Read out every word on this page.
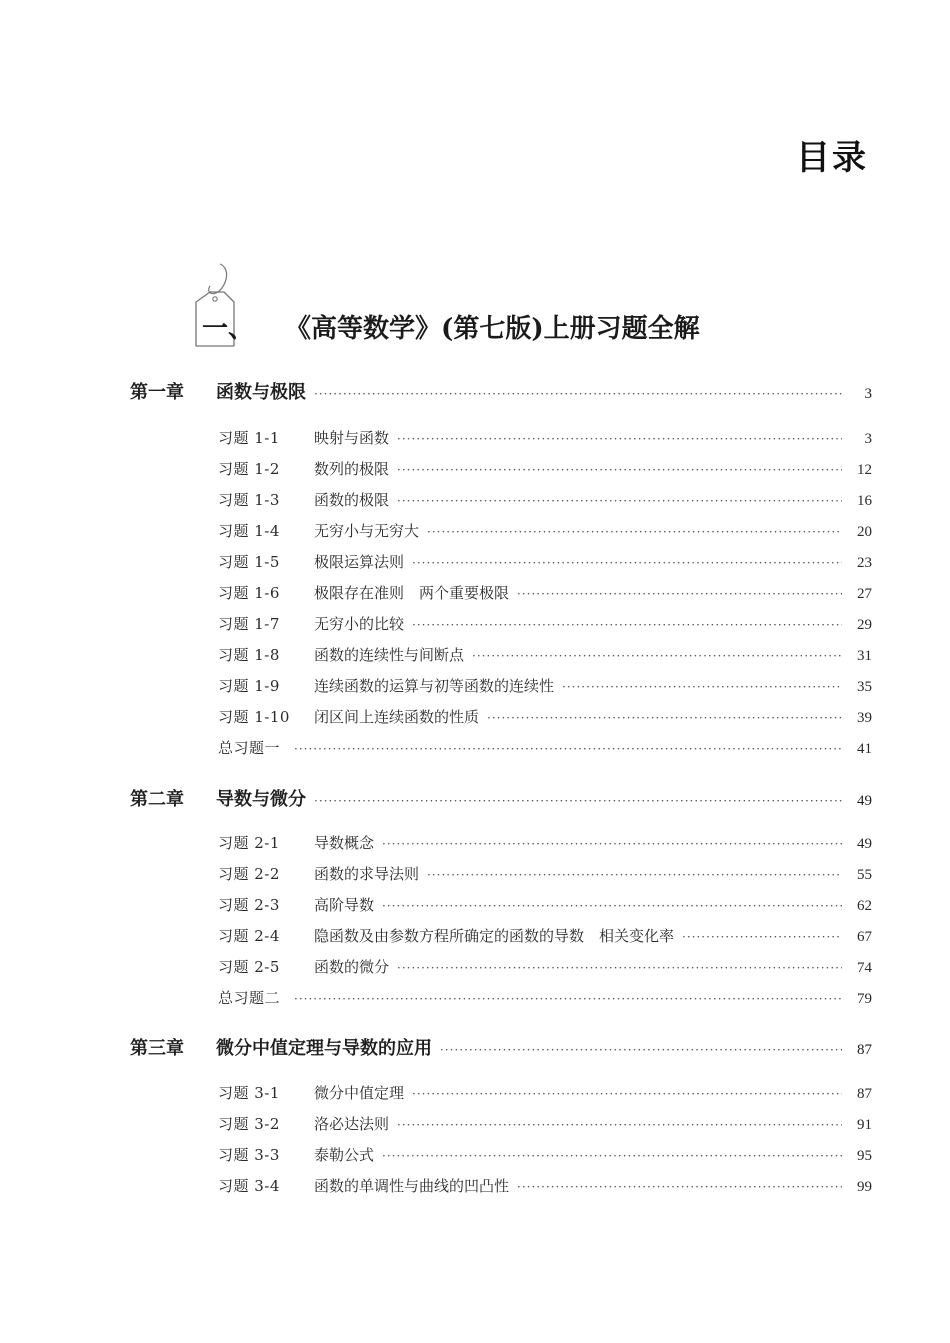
目录
一、 《高等数学》(第七版)上册习题全解
第一章	函数与极限 ·····	3
习题 1-1	映射与函数 ·····	3
习题 1-2	数列的极限 ·····	12
习题 1-3	函数的极限 ·····	16
习题 1-4	无穷小与无穷大 ·····	20
习题 1-5	极限运算法则 ·····	23
习题 1-6	极限存在准则　两个重要极限 ·····	27
习题 1-7	无穷小的比较 ·····	29
习题 1-8	函数的连续性与间断点 ·····	31
习题 1-9	连续函数的运算与初等函数的连续性 ·····	35
习题 1-10	闭区间上连续函数的性质 ·····	39
总习题一 ·····	41
第二章	导数与微分 ·····	49
习题 2-1	导数概念 ·····	49
习题 2-2	函数的求导法则 ·····	55
习题 2-3	高阶导数 ·····	62
习题 2-4	隐函数及由参数方程所确定的函数的导数　相关变化率 ·····	67
习题 2-5	函数的微分 ·····	74
总习题二 ·····	79
第三章	微分中值定理与导数的应用 ·····	87
习题 3-1	微分中值定理 ·····	87
习题 3-2	洛必达法则 ·····	91
习题 3-3	泰勒公式 ·····	95
习题 3-4	函数的单调性与曲线的凹凸性 ·····	99
